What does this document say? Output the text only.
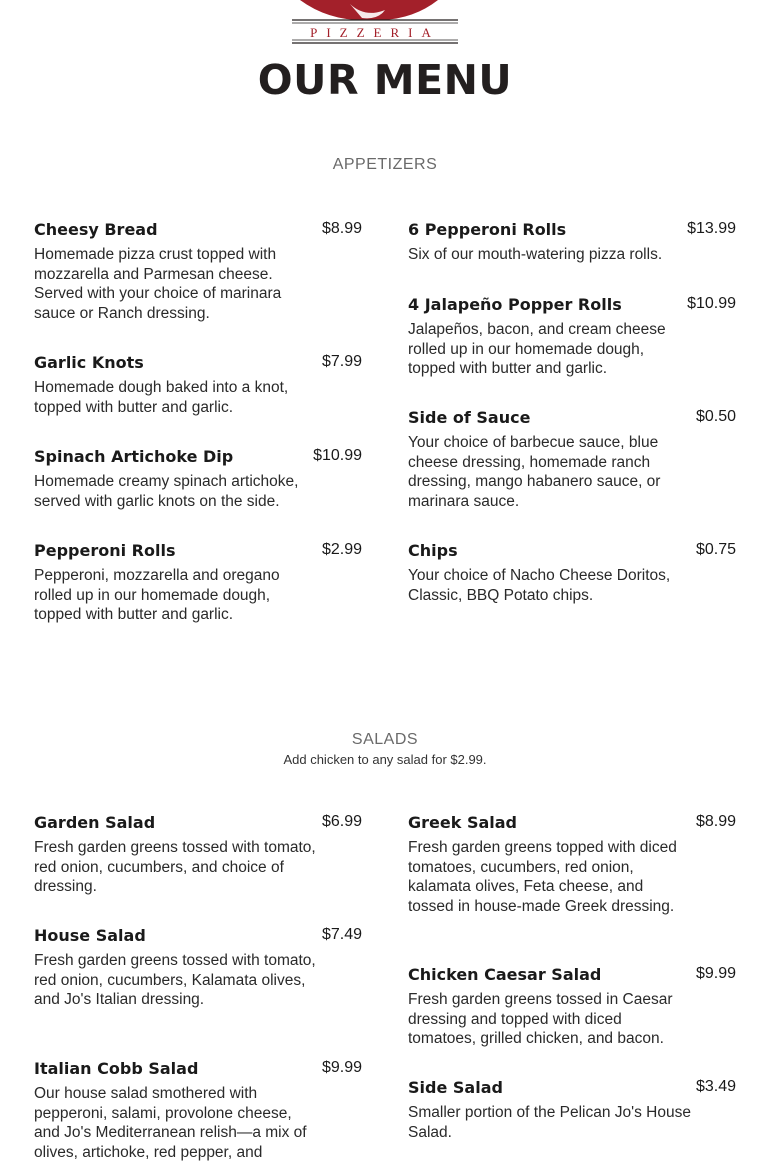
PIZZERIA
OUR MENU
APPETIZERS
Cheesy Bread	$8.99
Homemade pizza crust topped with mozzarella and Parmesan cheese. Served with your choice of marinara sauce or Ranch dressing.
Garlic Knots	$7.99
Homemade dough baked into a knot, topped with butter and garlic.
Spinach Artichoke Dip	$10.99
Homemade creamy spinach artichoke, served with garlic knots on the side.
Pepperoni Rolls	$2.99
Pepperoni, mozzarella and oregano rolled up in our homemade dough, topped with butter and garlic.
6 Pepperoni Rolls	$13.99
Six of our mouth-watering pizza rolls.
4 Jalapeño Popper Rolls	$10.99
Jalapeños, bacon, and cream cheese rolled up in our homemade dough, topped with butter and garlic.
Side of Sauce	$0.50
Your choice of barbecue sauce, blue cheese dressing, homemade ranch dressing, mango habanero sauce, or marinara sauce.
Chips	$0.75
Your choice of Nacho Cheese Doritos, Classic, BBQ Potato chips.
SALADS
Add chicken to any salad for $2.99.
Garden Salad	$6.99
Fresh garden greens tossed with tomato, red onion, cucumbers, and choice of dressing.
House Salad	$7.49
Fresh garden greens tossed with tomato, red onion, cucumbers, Kalamata olives, and Jo's Italian dressing.
Italian Cobb Salad	$9.99
Our house salad smothered with pepperoni, salami, provolone cheese, and Jo's Mediterranean relish—a mix of olives, artichoke, red pepper, and
Greek Salad	$8.99
Fresh garden greens topped with diced tomatoes, cucumbers, red onion, kalamata olives, Feta cheese, and tossed in house-made Greek dressing.
Chicken Caesar Salad	$9.99
Fresh garden greens tossed in Caesar dressing and topped with diced tomatoes, grilled chicken, and bacon.
Side Salad	$3.49
Smaller portion of the Pelican Jo's House Salad.
